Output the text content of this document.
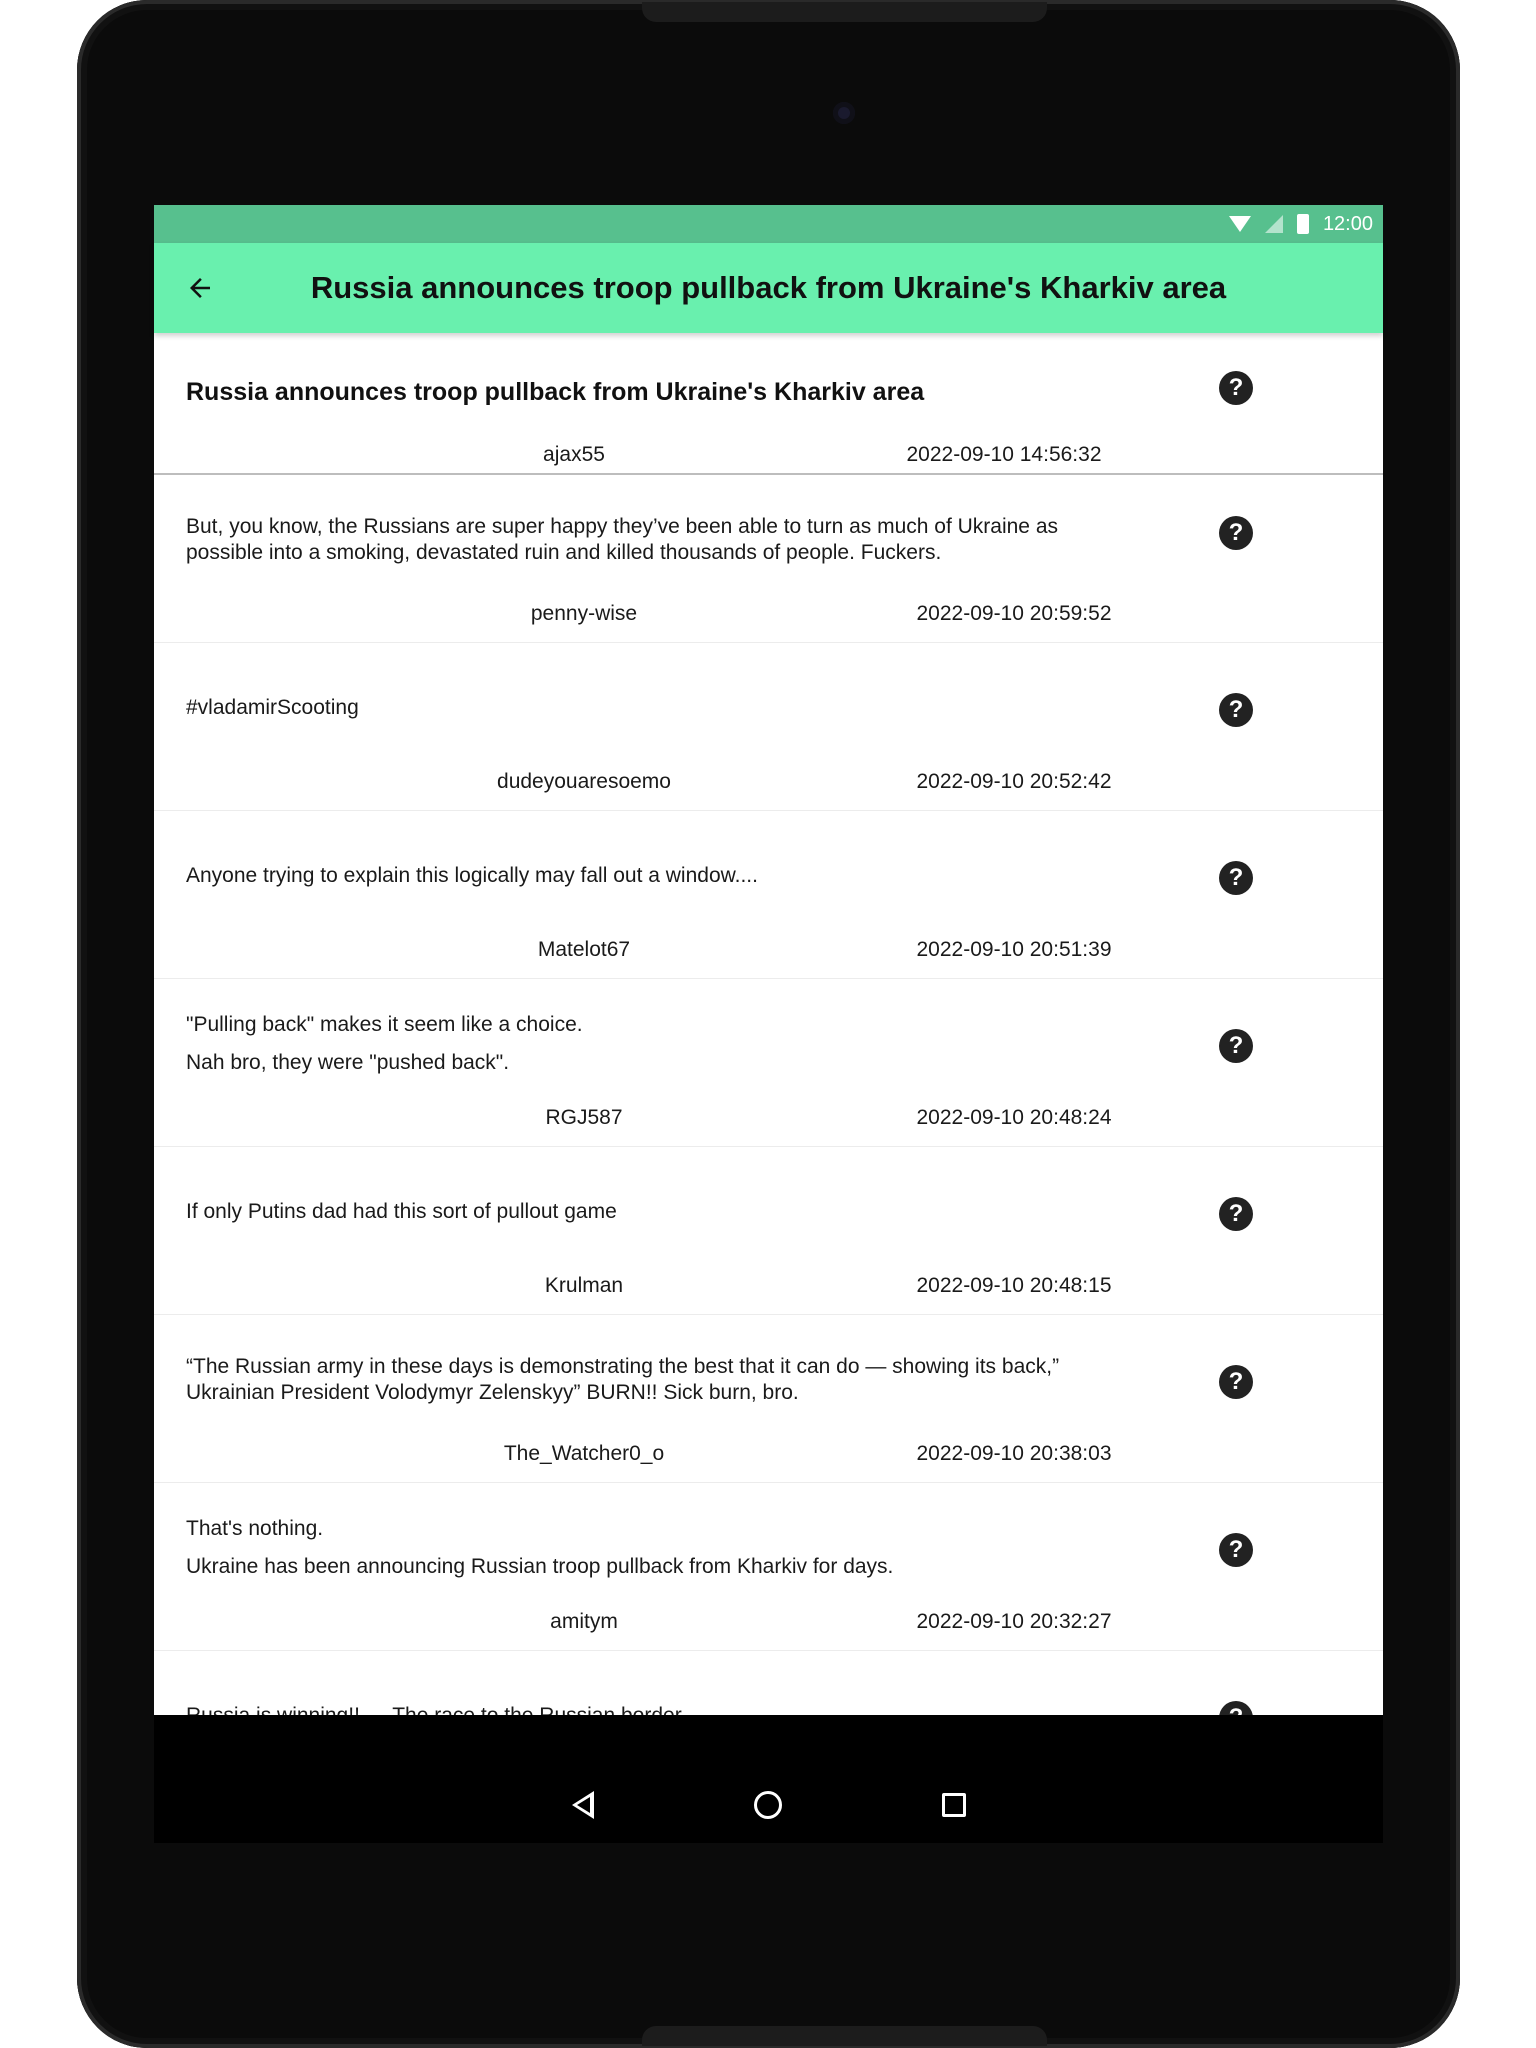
12:00
Russia announces troop pullback from Ukraine's Kharkiv area
Russia announces troop pullback from Ukraine's Kharkiv area	?
ajax55	2022-09-10 14:56:32
But, you know, the Russians are super happy they’ve been able to turn as much of Ukraine as
possible into a smoking, devastated ruin and killed thousands of people. Fuckers.
?
penny-wise	2022-09-10 20:59:52
#vladamirScooting	?
dudeyouaresoemo	2022-09-10 20:52:42
Anyone trying to explain this logically may fall out a window....	?
Matelot67	2022-09-10 20:51:39
"Pulling back" makes it seem like a choice.
Nah bro, they were "pushed back".
?
RGJ587	2022-09-10 20:48:24
If only Putins dad had this sort of pullout game	?
Krulman	2022-09-10 20:48:15
“The Russian army in these days is demonstrating the best that it can do — showing its back,”
Ukrainian President Volodymyr Zelenskyy” BURN!! Sick burn, bro.	?
The_Watcher0_o	2022-09-10 20:38:03
That's nothing.
Ukraine has been announcing Russian troop pullback from Kharkiv for days.
?
amitym	2022-09-10 20:32:27
